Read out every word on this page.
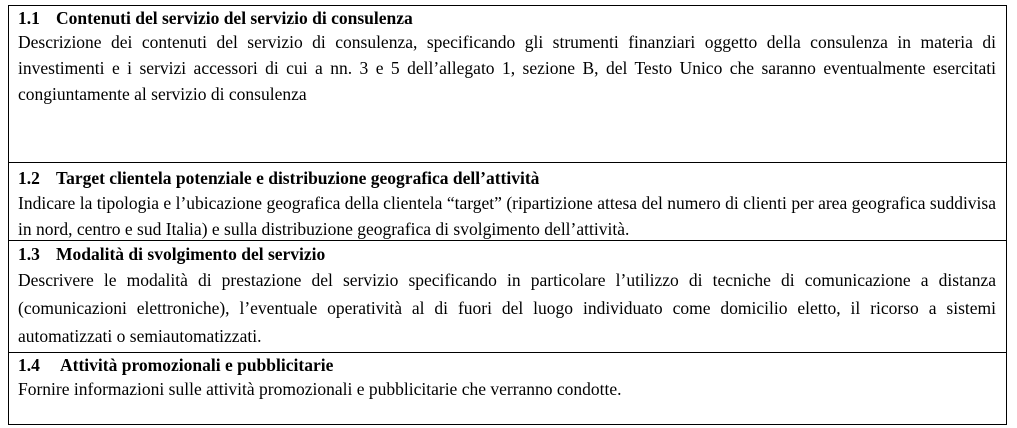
1.1 Contenuti del servizio del servizio di consulenza
Descrizione dei contenuti del servizio di consulenza, specificando gli strumenti finanziari oggetto della consulenza in materia di investimenti e i servizi accessori di cui a nn. 3 e 5 dell’allegato 1, sezione B, del Testo Unico che saranno eventualmente esercitati congiuntamente al servizio di consulenza
1.2 Target clientela potenziale e distribuzione geografica dell’attività
Indicare la tipologia e l’ubicazione geografica della clientela “target” (ripartizione attesa del numero di clienti per area geografica suddivisa in nord, centro e sud Italia) e sulla distribuzione geografica di svolgimento dell’attività.
1.3 Modalità di svolgimento del servizio
Descrivere le modalità di prestazione del servizio specificando in particolare l’utilizzo di tecniche di comunicazione a distanza (comunicazioni elettroniche), l’eventuale operatività al di fuori del luogo individuato come domicilio eletto, il ricorso a sistemi automatizzati o semiautomatizzati.
1.4 Attività promozionali e pubblicitarie
Fornire informazioni sulle attività promozionali e pubblicitarie che verranno condotte.
